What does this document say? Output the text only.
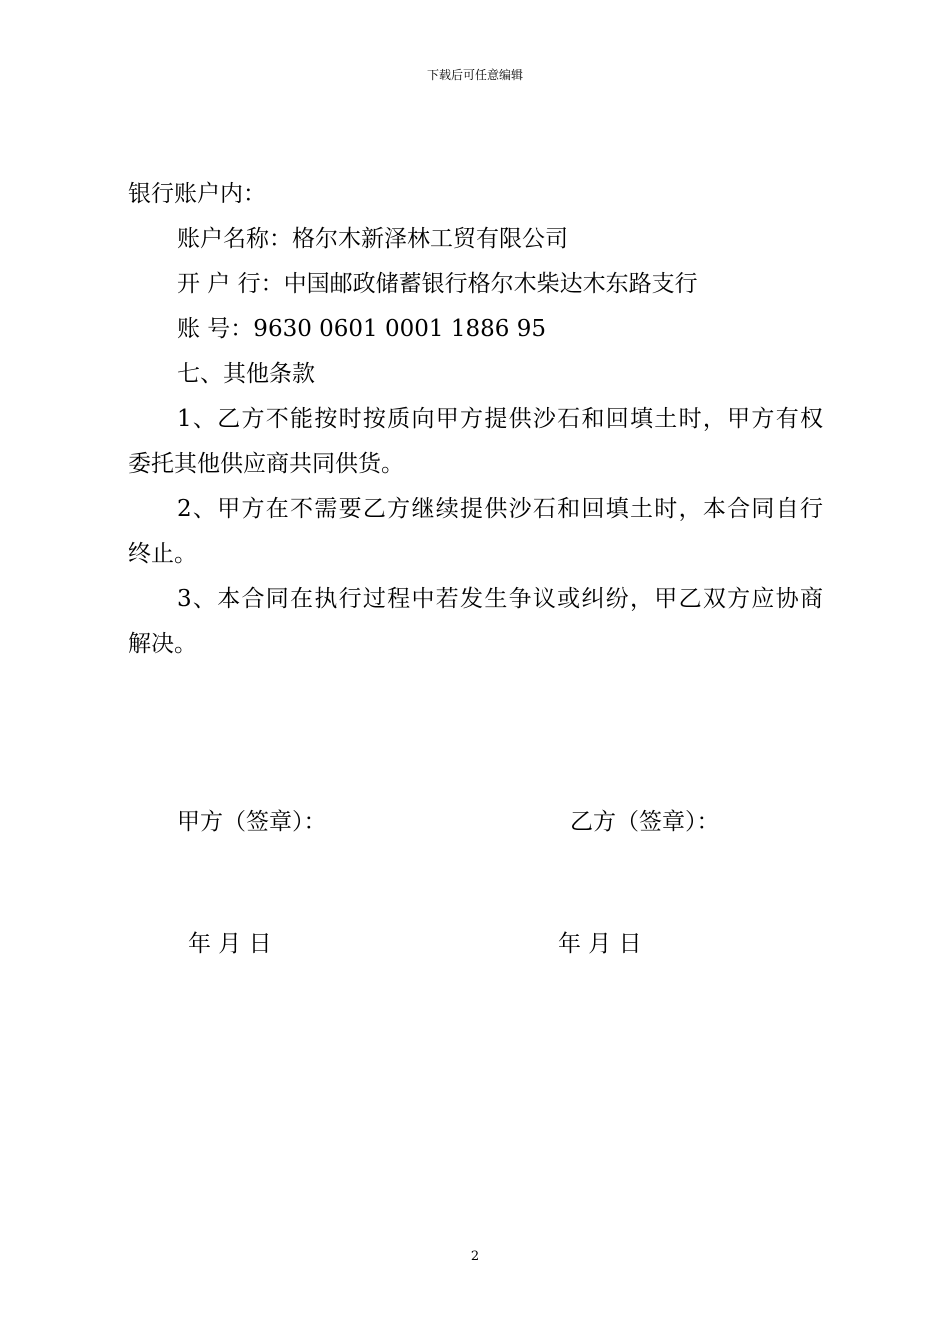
下载后可任意编辑
银行账户内：
账户名称：格尔木新泽林工贸有限公司
开 户 行：中国邮政储蓄银行格尔木柴达木东路支行
账 号：9630 0601 0001 1886 95
七、其他条款
1、乙方不能按时按质向甲方提供沙石和回填土时，甲方有权
委托其他供应商共同供货。
2、甲方在不需要乙方继续提供沙石和回填土时，本合同自行
终止。
3、本合同在执行过程中若发生争议或纠纷，甲乙双方应协商
解决。
甲方（签章）：	乙方（签章）：
年 月 日	年 月 日
2
